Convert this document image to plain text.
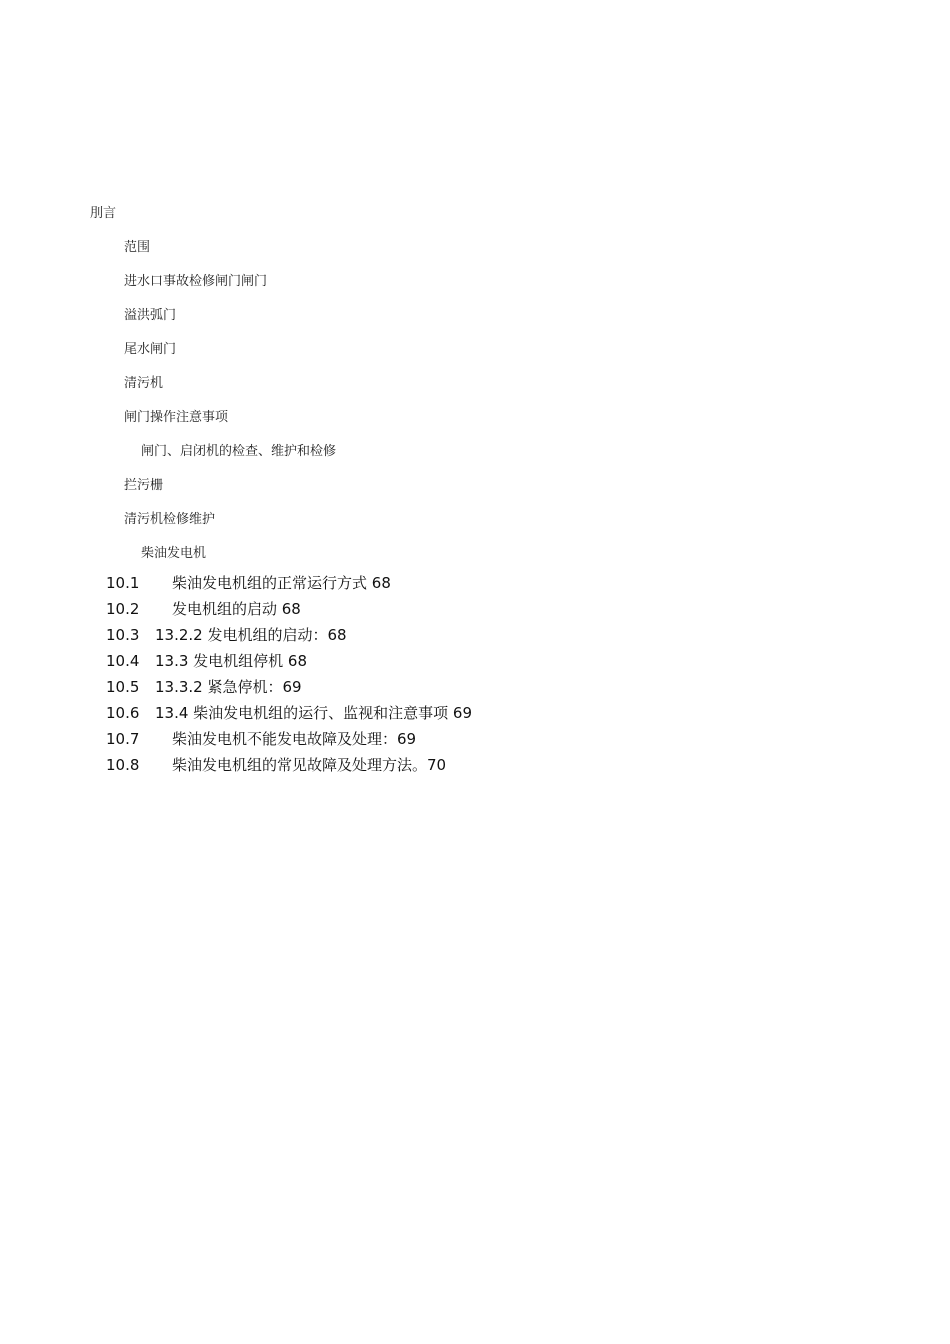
刖言
范围
进水口事故检修闸门闸门
溢洪弧门
尾水闸门
清污机
闸门操作注意事项
闸门、启闭机的检查、维护和检修
拦污栅
清污机检修维护
柴油发电机
10.1 柴油发电机组的正常运行方式 68
10.2 发电机组的启动 68
10.3 13.2.2 发电机组的启动：68
10.4 13.3 发电机组停机 68
10.5 13.3.2 紧急停机：69
10.6 13.4 柴油发电机组的运行、监视和注意事项 69
10.7 柴油发电机不能发电故障及处理：69
10.8 柴油发电机组的常见故障及处理方法。70
